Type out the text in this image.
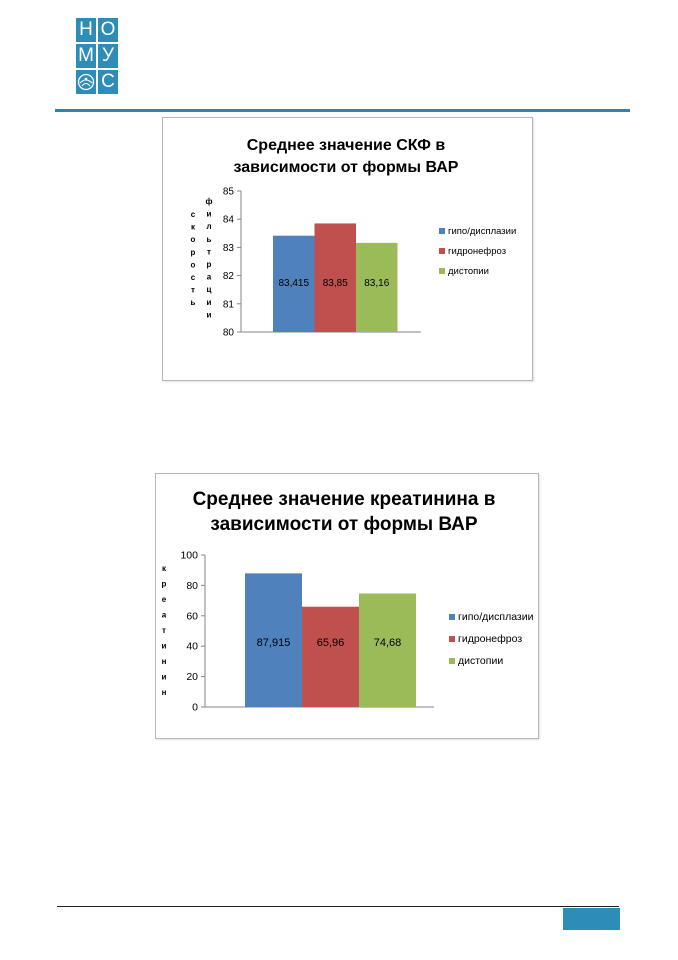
Н О
М У
С
Среднее значение СКФ в
зависимости от формы ВАР
с
к
о
р
о
с
т
ь
ф
и
л
ь
т
р
а
ц
и
и
80
81
82
83
84
85
83,415 83,85 83,16
гипо/дисплазии
гидронефроз
дистопии
Среднее значение креатинина в
зависимости от формы ВАР
к
р
е
а
т
и
н
и
н
0
20
40
60
80
100
87,915 65,96	74,68
гипо/дисплазии
гидронефроз
дистопии
